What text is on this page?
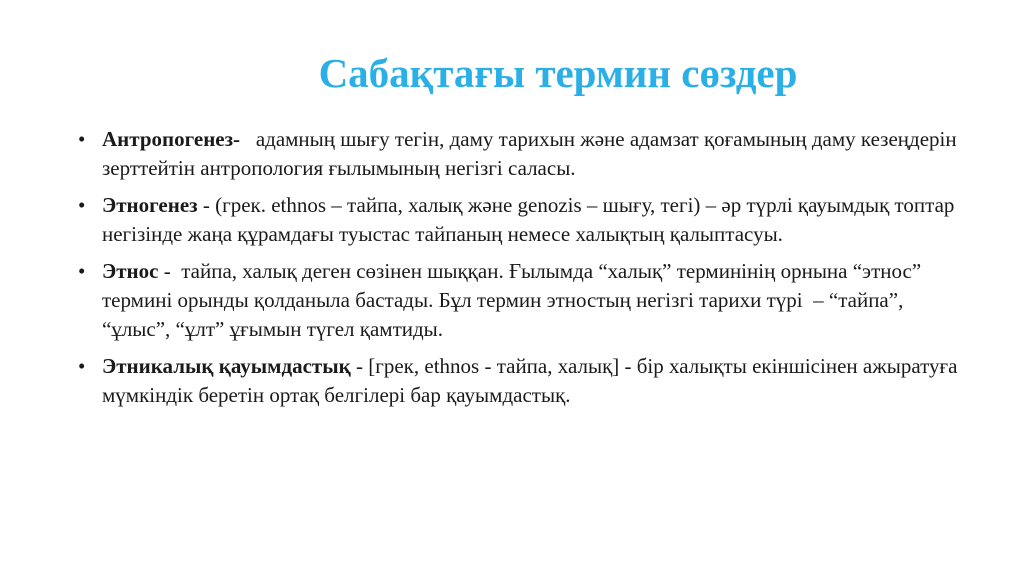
Сабақтағы термин сөздер
• Антропогенез-   адамның шығу тегін, даму тарихын және адамзат қоғамының даму кезеңдерін зерттейтін антропология ғылымының негізгі саласы.
• Этногенез - (грек. ethnos – тайпа, халық және genozis – шығу, тегі) – әр түрлі қауымдық топтар негізінде жаңа құрамдағы туыстас тайпаның немесе халықтың қалыптасуы.
• Этнос -  тайпа, халық деген сөзінен шыққан. Ғылымда “халық” терминінің орнына “этнос” термині орынды қолданыла бастады. Бұл термин этностың негізгі тарихи түрі  – “тайпа”, “ұлыс”, “ұлт” ұғымын түгел қамтиды.
• Этникалық қауымдастық - [грек, ethnos - тайпа, халық] - бір халықты екіншісінен ажыратуға мүмкіндік беретін ортақ белгілері бар қауымдастық.
